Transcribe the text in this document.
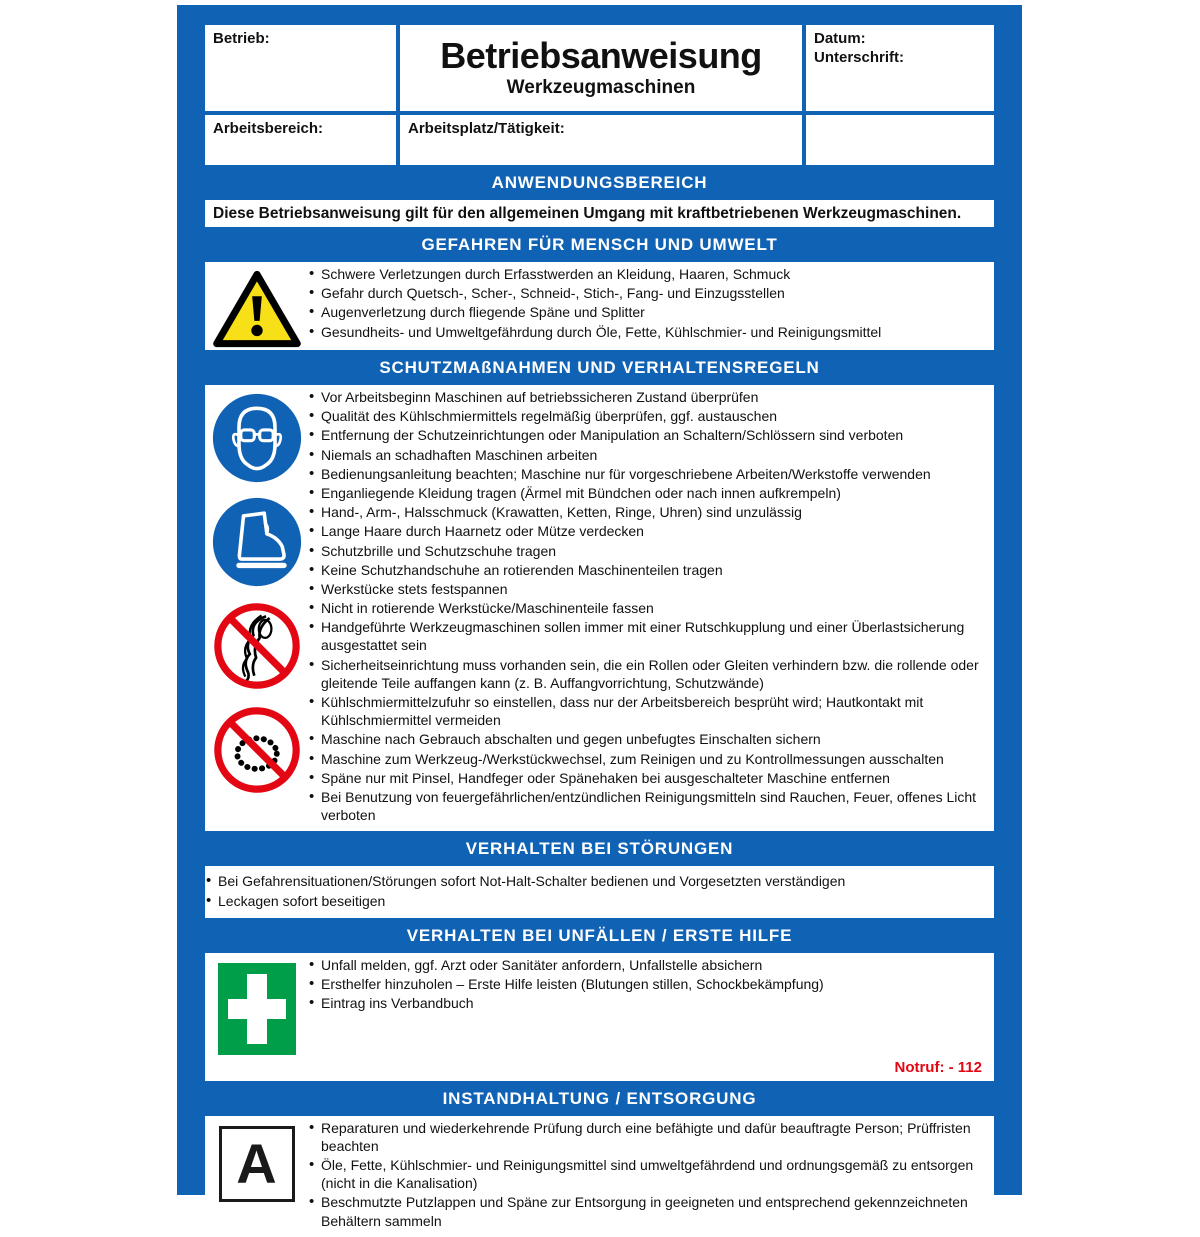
Betrieb:	Betriebsanweisung
Werkzeugmaschinen
Datum:
Unterschrift:
Arbeitsbereich:	Arbeitsplatz/Tätigkeit:
ANWENDUNGSBEREICH
Diese Betriebsanweisung gilt für den allgemeinen Umgang mit kraftbetriebenen Werkzeugmaschinen.
GEFAHREN FÜR MENSCH UND UMWELT
• Schwere Verletzungen durch Erfasstwerden an Kleidung, Haaren, Schmuck
• Gefahr durch Quetsch-, Scher-, Schneid-, Stich-, Fang- und Einzugsstellen
• Augenverletzung durch fliegende Späne und Splitter
• Gesundheits- und Umweltgefährdung durch Öle, Fette, Kühlschmier- und Reinigungsmittel
SCHUTZMAßNAHMEN UND VERHALTENSREGELN
• Vor Arbeitsbeginn Maschinen auf betriebssicheren Zustand überprüfen
• Qualität des Kühlschmiermittels regelmäßig überprüfen, ggf. austauschen
• Entfernung der Schutzeinrichtungen oder Manipulation an Schaltern/Schlössern sind verboten
• Niemals an schadhaften Maschinen arbeiten
• Bedienungsanleitung beachten; Maschine nur für vorgeschriebene Arbeiten/Werkstoffe verwenden
• Enganliegende Kleidung tragen (Ärmel mit Bündchen oder nach innen aufkrempeln)
• Hand-, Arm-, Halsschmuck (Krawatten, Ketten, Ringe, Uhren) sind unzulässig
• Lange Haare durch Haarnetz oder Mütze verdecken
• Schutzbrille und Schutzschuhe tragen
• Keine Schutzhandschuhe an rotierenden Maschinenteilen tragen
• Werkstücke stets festspannen
• Nicht in rotierende Werkstücke/Maschinenteile fassen
• Handgeführte Werkzeugmaschinen sollen immer mit einer Rutschkupplung und einer Überlastsicherung ausgestattet sein
• Sicherheitseinrichtung muss vorhanden sein, die ein Rollen oder Gleiten verhindern bzw. die rollende oder gleitende Teile auffangen kann (z. B. Auffangvorrichtung, Schutzwände)
• Kühlschmiermittelzufuhr so einstellen, dass nur der Arbeitsbereich besprüht wird; Hautkontakt mit Kühlschmiermittel vermeiden
• Maschine nach Gebrauch abschalten und gegen unbefugtes Einschalten sichern
• Maschine zum Werkzeug-/Werkstückwechsel, zum Reinigen und zu Kontrollmessungen ausschalten
• Späne nur mit Pinsel, Handfeger oder Spänehaken bei ausgeschalteter Maschine entfernen
• Bei Benutzung von feuergefährlichen/entzündlichen Reinigungsmitteln sind Rauchen, Feuer, offenes Licht verboten
VERHALTEN BEI STÖRUNGEN
• Bei Gefahrensituationen/Störungen sofort Not-Halt-Schalter bedienen und Vorgesetzten verständigen
• Leckagen sofort beseitigen
VERHALTEN BEI UNFÄLLEN / ERSTE HILFE
• Unfall melden, ggf. Arzt oder Sanitäter anfordern, Unfallstelle absichern
• Ersthelfer hinzuholen – Erste Hilfe leisten (Blutungen stillen, Schockbekämpfung)
• Eintrag ins Verbandbuch
Notruf: - 112
INSTANDHALTUNG / ENTSORGUNG
A
• Reparaturen und wiederkehrende Prüfung durch eine befähigte und dafür beauftragte Person; Prüffristen beachten
• Öle, Fette, Kühlschmier- und Reinigungsmittel sind umweltgefährdend und ordnungsgemäß zu entsorgen (nicht in die Kanalisation)
• Beschmutzte Putzlappen und Späne zur Entsorgung in geeigneten und entsprechend gekennzeichneten Behältern sammeln
